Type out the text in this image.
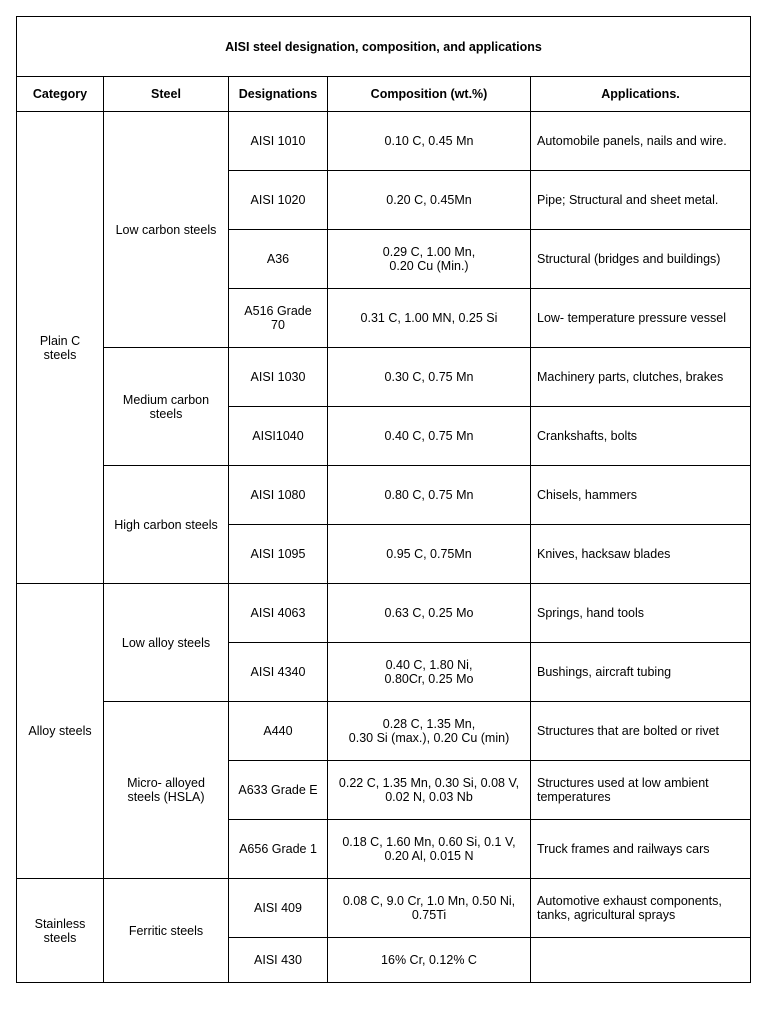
AISI steel designation, composition, and applications				
Category	Steel	Designations	Composition (wt.%)	Applications.
Plain C
steels	Low carbon steels	AISI 1010	0.10 C, 0.45 Mn	Automobile panels, nails and wire.
		AISI 1020	0.20 C, 0.45Mn	Pipe; Structural and sheet metal.
		A36	0.29 C, 1.00 Mn,
0.20 Cu (Min.)	Structural (bridges and buildings)
		A516 Grade
70	0.31 C, 1.00 MN, 0.25 Si	Low- temperature pressure vessel
	Medium carbon
steels	AISI 1030	0.30 C, 0.75 Mn	Machinery parts, clutches, brakes
		AISI1040	0.40 C, 0.75 Mn	Crankshafts, bolts
	High carbon steels	AISI 1080	0.80 C, 0.75 Mn	Chisels, hammers
		AISI 1095	0.95 C, 0.75Mn	Knives, hacksaw blades
Alloy steels	Low alloy steels	AISI 4063	0.63 C, 0.25 Mo	Springs, hand tools
		AISI 4340	0.40 C, 1.80 Ni,
0.80Cr, 0.25 Mo	Bushings, aircraft tubing
	Micro- alloyed
steels (HSLA)	A440	0.28 C, 1.35 Mn,
0.30 Si (max.), 0.20 Cu (min)	Structures that are bolted or rivet
		A633 Grade E	0.22 C, 1.35 Mn, 0.30 Si, 0.08 V,
0.02 N, 0.03 Nb	Structures used at low ambient
temperatures
		A656 Grade 1	0.18 C, 1.60 Mn, 0.60 Si, 0.1 V,
0.20 Al, 0.015 N	Truck frames and railways cars
Stainless
steels	Ferritic steels	AISI 409	0.08 C, 9.0 Cr, 1.0 Mn, 0.50 Ni,
0.75Ti	Automotive exhaust components,
tanks, agricultural sprays
		AISI 430	16% Cr, 0.12% C	
